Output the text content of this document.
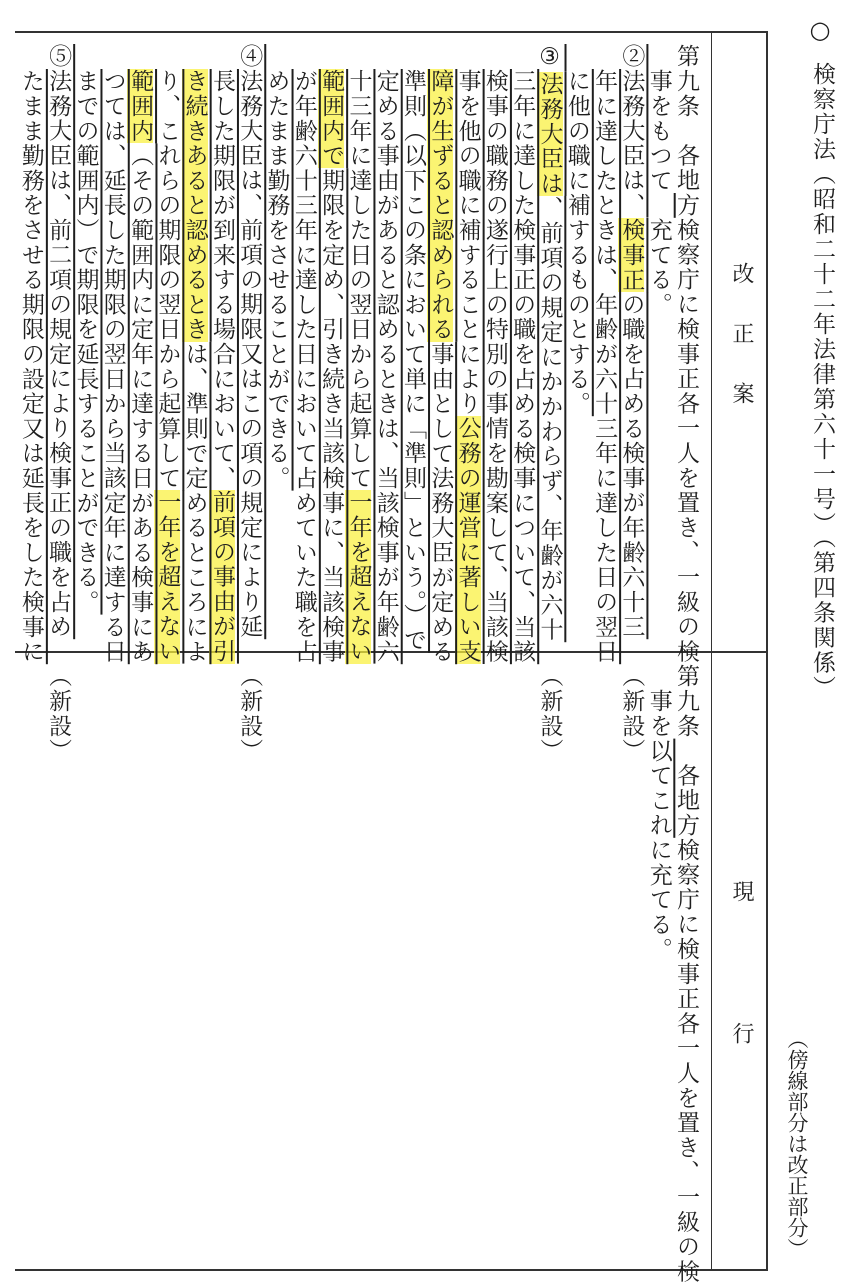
○
検察庁法（昭和二十二年法律第六十一号）（第四条関係）
（傍線部分は改正部分）
改正案
現行
第九条　各地方検察庁に検事正各一人を置き、一級の検
事をもつて　充てる。
②法務大臣は、検事正の職を占める検事が年齢六十三
年に達したときは、年齢が六十三年に達した日の翌日
に他の職に補するものとする。
③法務大臣は、前項の規定にかかわらず、年齢が六十
三年に達した検事正の職を占める検事について、当該
検事の職務の遂行上の特別の事情を勘案して、当該検
事を他の職に補することにより公務の運営に著しい支
障が生ずると認められる事由として法務大臣が定める
準則（以下この条において単に「準則」という。）で
定める事由があると認めるときは、当該検事が年齢六
十三年に達した日の翌日から起算して一年を超えない
範囲内で期限を定め、引き続き当該検事に、当該検事
が年齢六十三年に達した日において占めていた職を占
めたまま勤務をさせることができる。
④法務大臣は、前項の期限又はこの項の規定により延
長した期限が到来する場合において、前項の事由が引
き続きあると認めるときは、準則で定めるところによ
り、これらの期限の翌日から起算して一年を超えない
範囲内（その範囲内に定年に達する日がある検事にあ
つては、延長した期限の翌日から当該定年に達する日
までの範囲内）で期限を延長することができる。
⑤法務大臣は、前二項の規定により検事正の職を占め
たまま勤務をさせる期限の設定又は延長をした検事に
第九条　各地方検察庁に検事正各一人を置き、一級の検
事を以てこれに充てる。
（新設）
（新設）
（新設）
（新設）
